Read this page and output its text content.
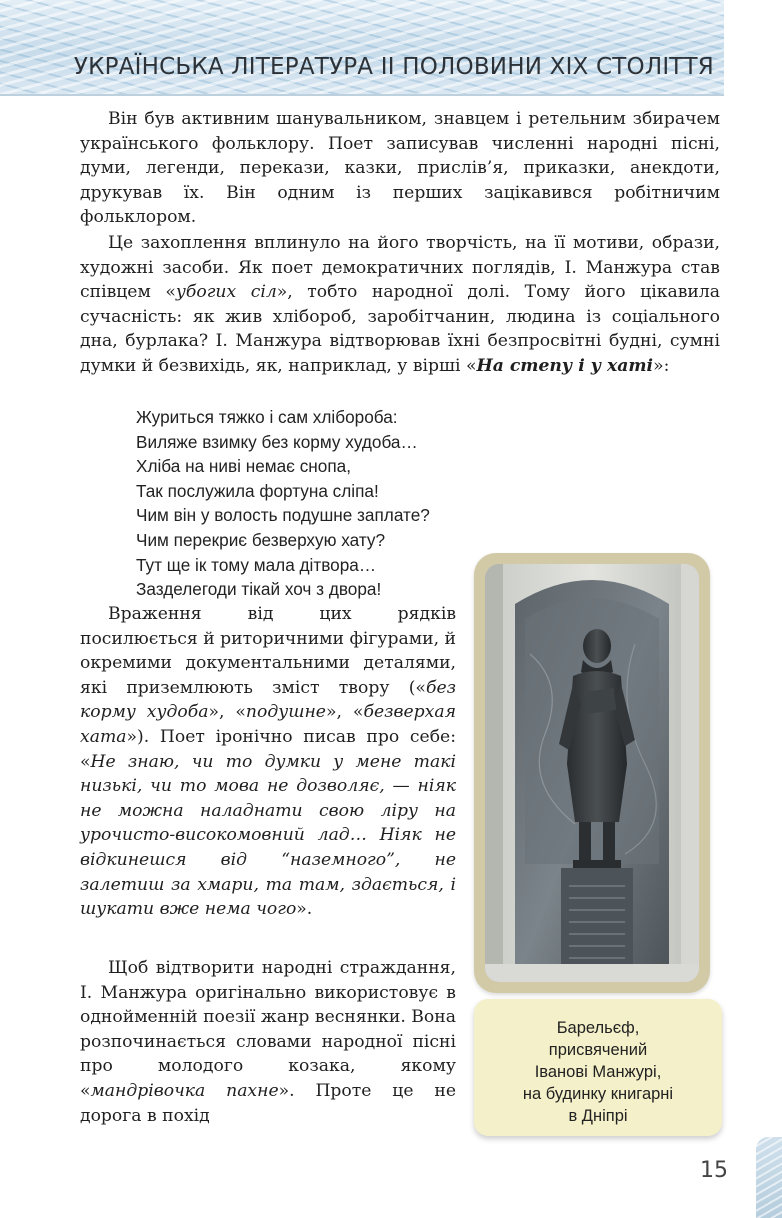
УКРАЇНСЬКА ЛІТЕРАТУРА ІІ ПОЛОВИНИ ХІХ СТОЛІТТЯ

Він був активним шанувальником, знавцем і ретельним збирачем українського фольклору. Поет записував численні народні пісні, думи, легенди, перекази, казки, прислів’я, приказки, анекдоти, друкував їх. Він одним із перших зацікавився робітничим фольклором.

Це захоплення вплинуло на його творчість, на її мотиви, образи, художні засоби. Як поет демократичних поглядів, І. Манжура став співцем «убогих сіл», тобто народної долі. Тому його цікавила сучасність: як жив хлібороб, заробітчанин, людина із соціального дна, бурлака? І. Манжура відтворював їхні безпросвітні будні, сумні думки й безвихідь, як, наприклад, у вірші «На степу і у хаті»:

Журиться тяжко і сам хлібороба:
Виляже взимку без корму худоба…
Хліба на ниві немає снопа,
Так послужила фортуна сліпа!
Чим він у волость подушне заплате?
Чим перекриє безверхую хату?
Тут ще ік тому мала дітвора…
Зазделегоди тікай хоч з двора!

Враження від цих рядків посилюється й риторичними фігурами, й окремими документальними деталями, які приземлюють зміст твору («без корму худоба», «подушне», «безверхая хата»). Поет іронічно писав про себе: «Не знаю, чи то думки у мене такі низькі, чи то мова не дозволяє, — ніяк не можна наладнати свою ліру на урочисто-високомовний лад… Ніяк не відкинешся від “наземного”, не залетиш за хмари, та там, здається, і шукати вже нема чого».

Щоб відтворити народні страждання, І. Манжура оригінально використовує в однойменній поезії жанр веснянки. Вона розпочинається словами народної пісні про молодого козака, якому «мандрівочка пахне». Проте це не дорога в похід

Барельєф,
присвячений
Іванові Манжурі,
на будинку книгарні
в Дніпрі
15
